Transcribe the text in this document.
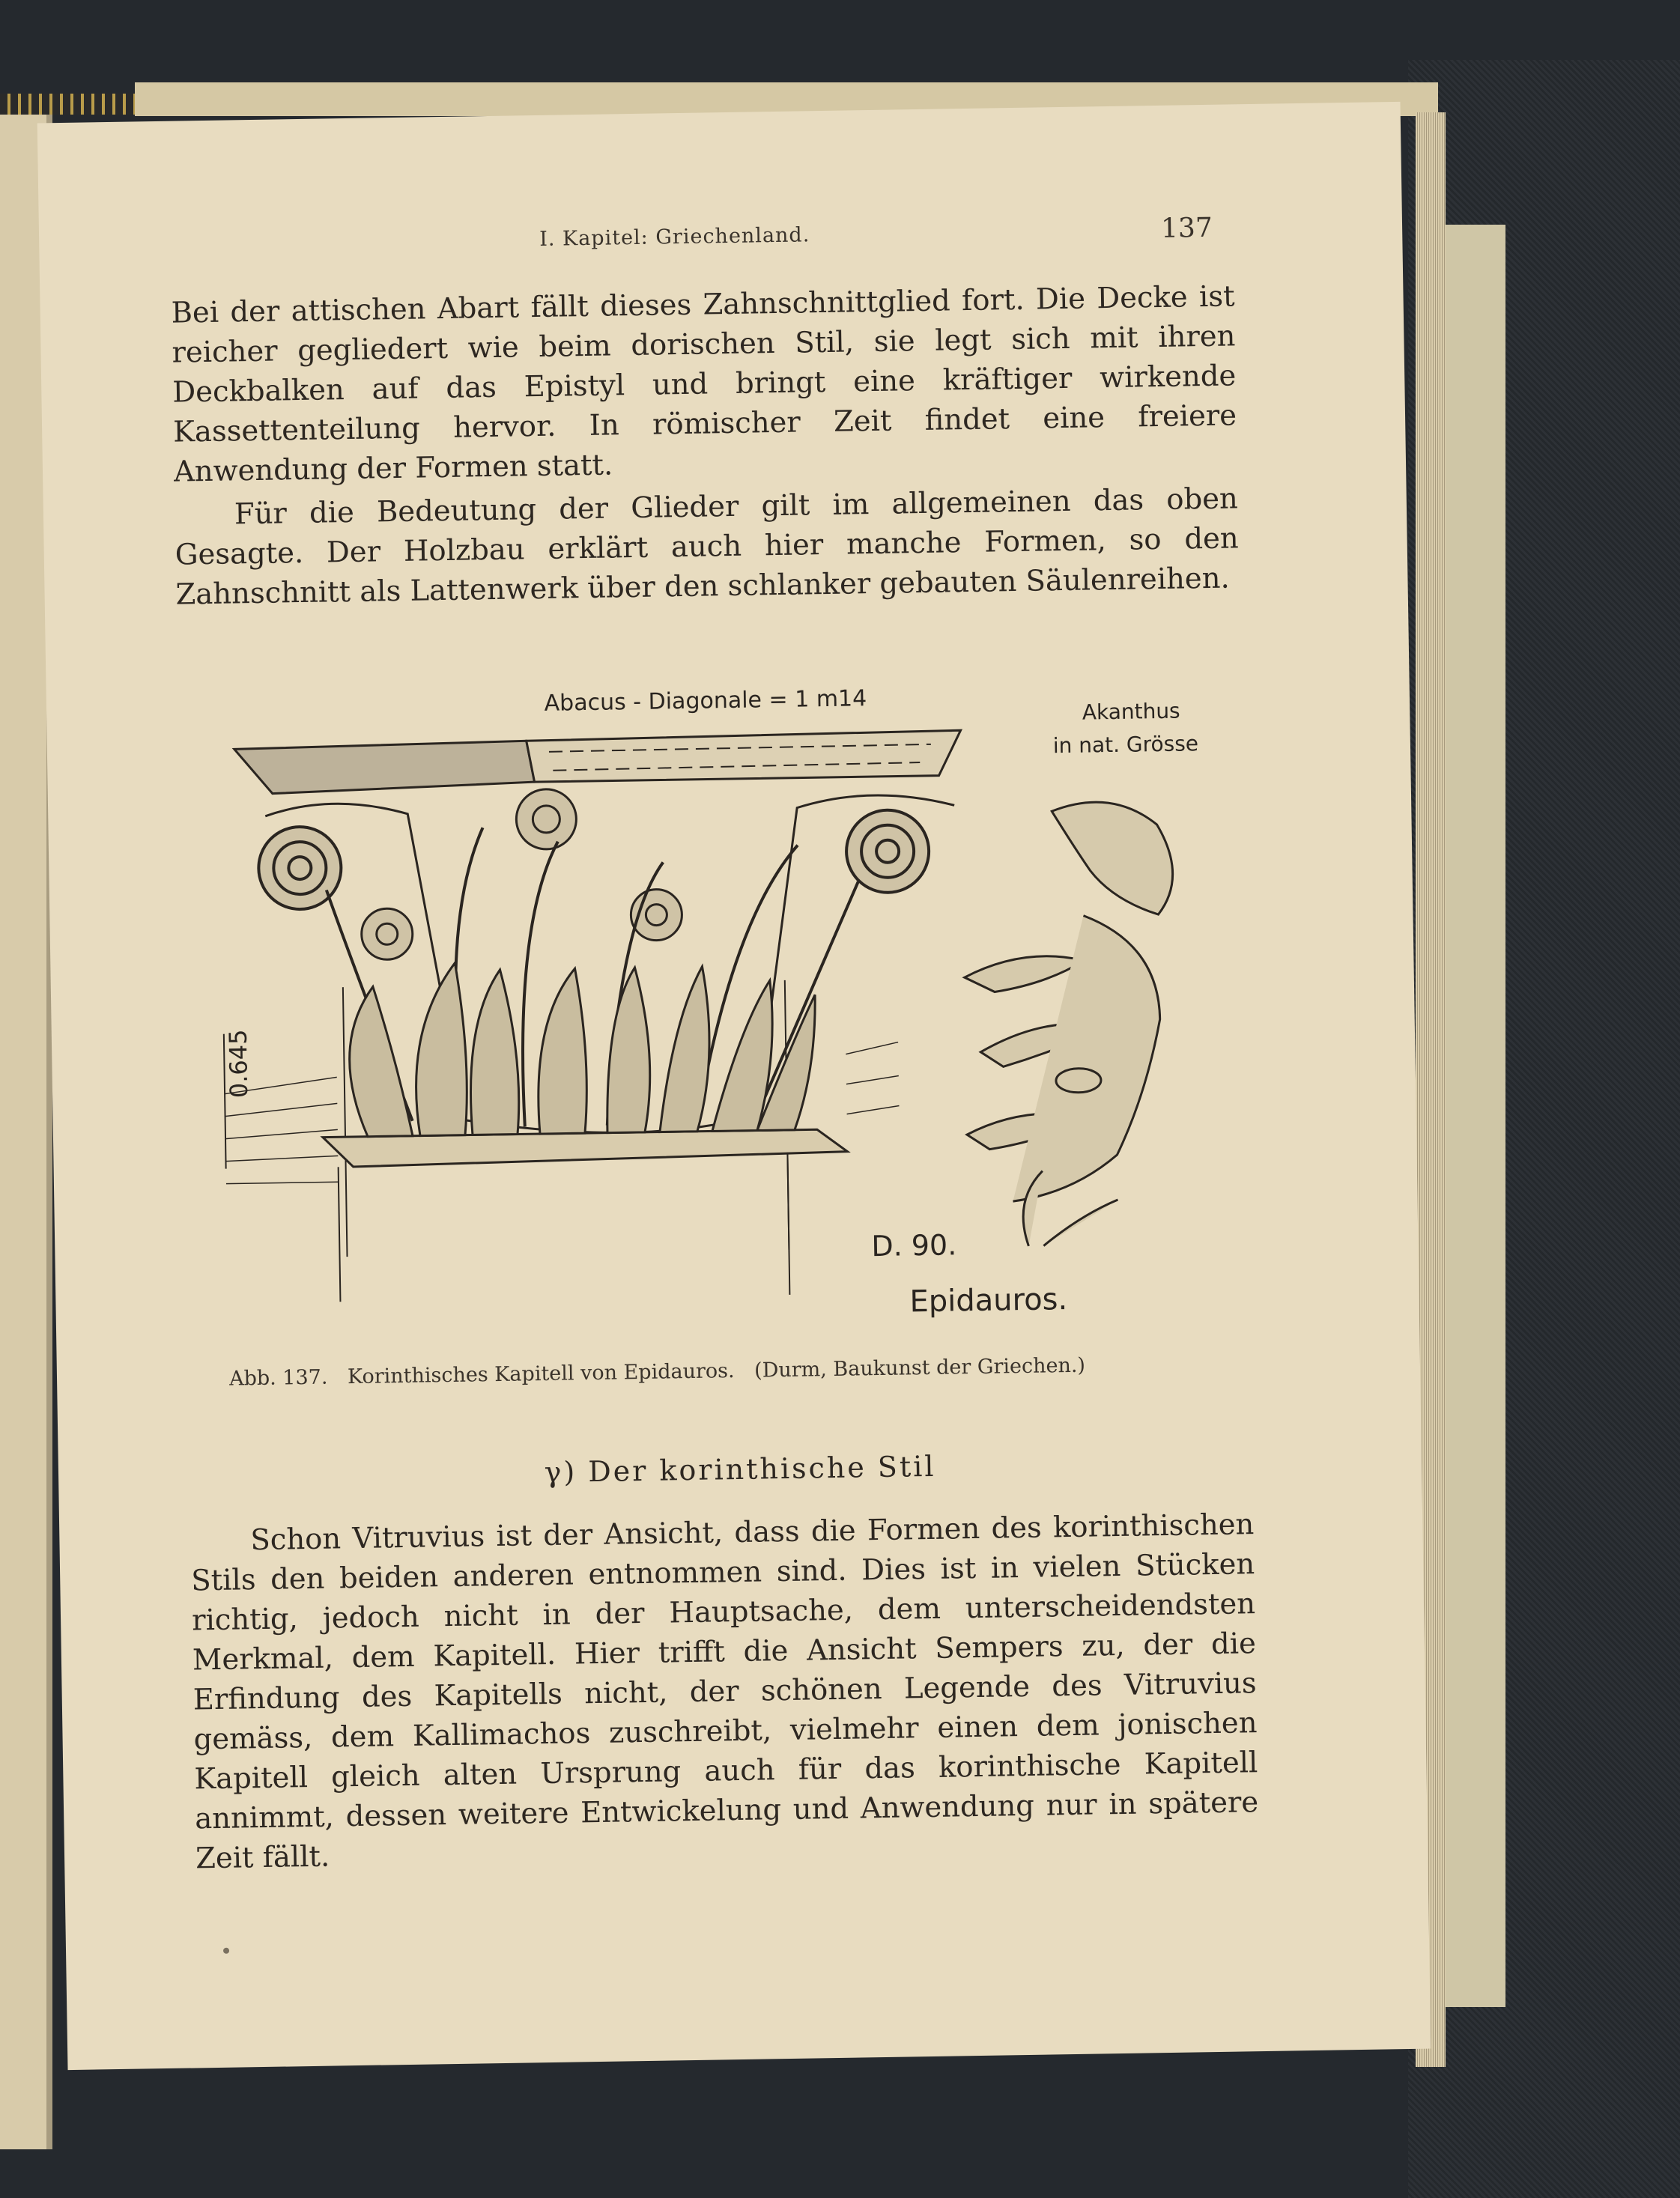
I. Kapitel: Griechenland.	137
Bei der attischen Abart fällt dieses Zahnschnittglied fort. Die Decke ist reicher gegliedert wie beim dorischen Stil, sie legt sich mit ihren Deckbalken auf das Epistyl und bringt eine kräftiger wirkende Kassettenteilung hervor. In römischer Zeit findet eine freiere Anwendung der Formen statt.
Für die Bedeutung der Glieder gilt im allgemeinen das oben Gesagte. Der Holzbau erklärt auch hier manche Formen, so den Zahnschnitt als Lattenwerk über den schlanker gebauten Säulenreihen.
Abacus - Diagonale = 1 m14	Akanthus
in nat. Grösse
0.645
D. 90.
Epidauros.
Abb. 137. Korinthisches Kapitell von Epidauros. (Durm, Baukunst der Griechen.)
γ) Der korinthische Stil
Schon Vitruvius ist der Ansicht, dass die Formen des korinthischen Stils den beiden anderen entnommen sind. Dies ist in vielen Stücken richtig, jedoch nicht in der Hauptsache, dem unterscheidendsten Merkmal, dem Kapitell. Hier trifft die Ansicht Sempers zu, der die Erfindung des Kapitells nicht, der schönen Legende des Vitruvius gemäss, dem Kallimachos zuschreibt, vielmehr einen dem jonischen Kapitell gleich alten Ursprung auch für das korinthische Kapitell annimmt, dessen weitere Entwickelung und Anwendung nur in spätere Zeit fällt.
